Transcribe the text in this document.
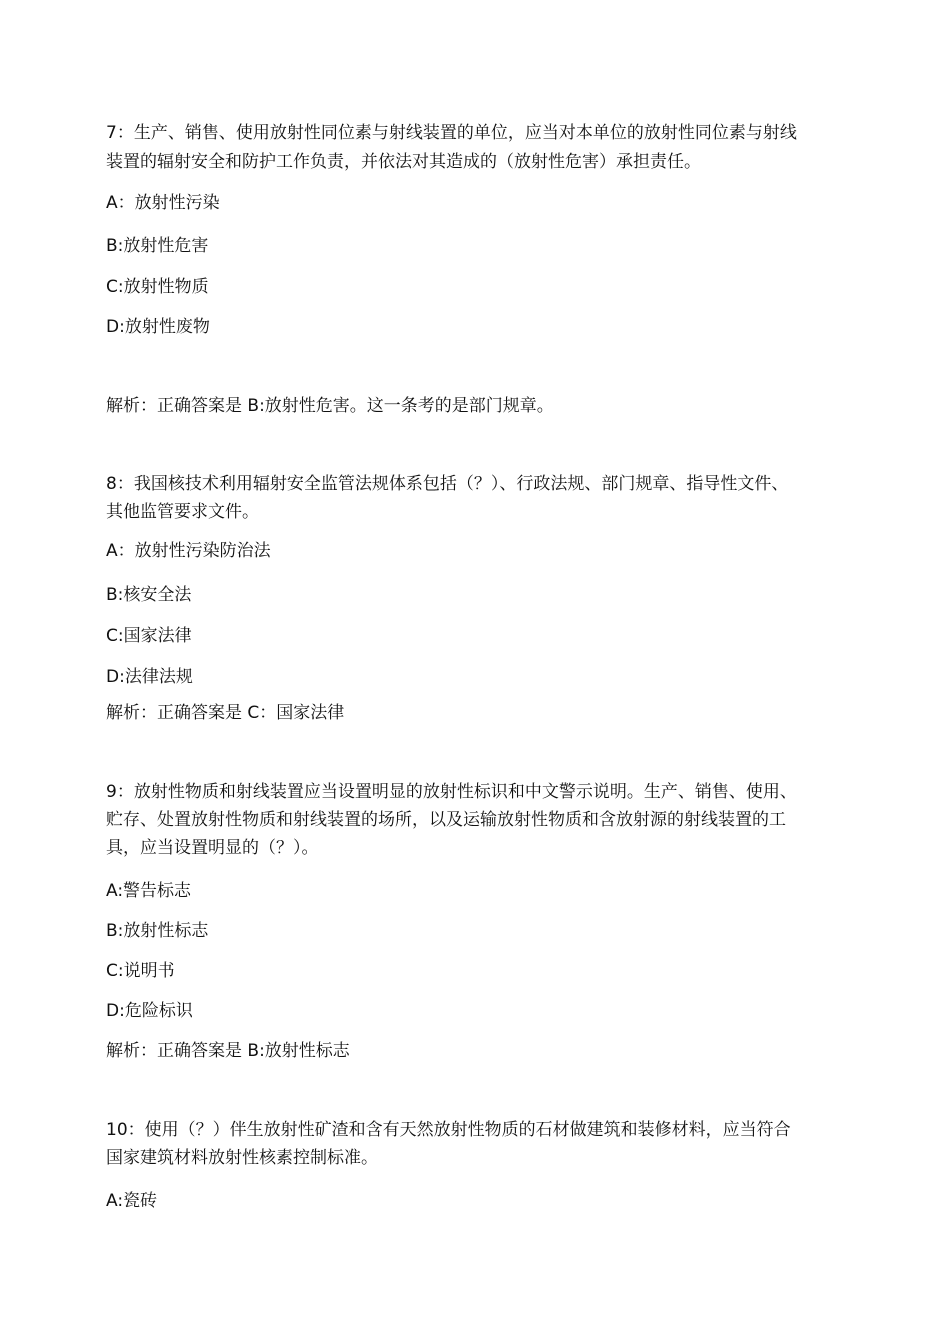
7：生产、销售、使用放射性同位素与射线装置的单位，应当对本单位的放射性同位素与射线
装置的辐射安全和防护工作负责，并依法对其造成的（放射性危害）承担责任。
A：放射性污染
B:放射性危害
C:放射性物质
D:放射性废物
解析：正确答案是 B:放射性危害。这一条考的是部门规章。
8：我国核技术利用辐射安全监管法规体系包括（？）、行政法规、部门规章、指导性文件、
其他监管要求文件。
A：放射性污染防治法
B:核安全法
C:国家法律
D:法律法规
解析：正确答案是 C：国家法律
9：放射性物质和射线装置应当设置明显的放射性标识和中文警示说明。生产、销售、使用、
贮存、处置放射性物质和射线装置的场所，以及运输放射性物质和含放射源的射线装置的工
具，应当设置明显的（？）。
A:警告标志
B:放射性标志
C:说明书
D:危险标识
解析：正确答案是 B:放射性标志
10：使用（？）伴生放射性矿渣和含有天然放射性物质的石材做建筑和装修材料，应当符合
国家建筑材料放射性核素控制标准。
A:瓷砖
